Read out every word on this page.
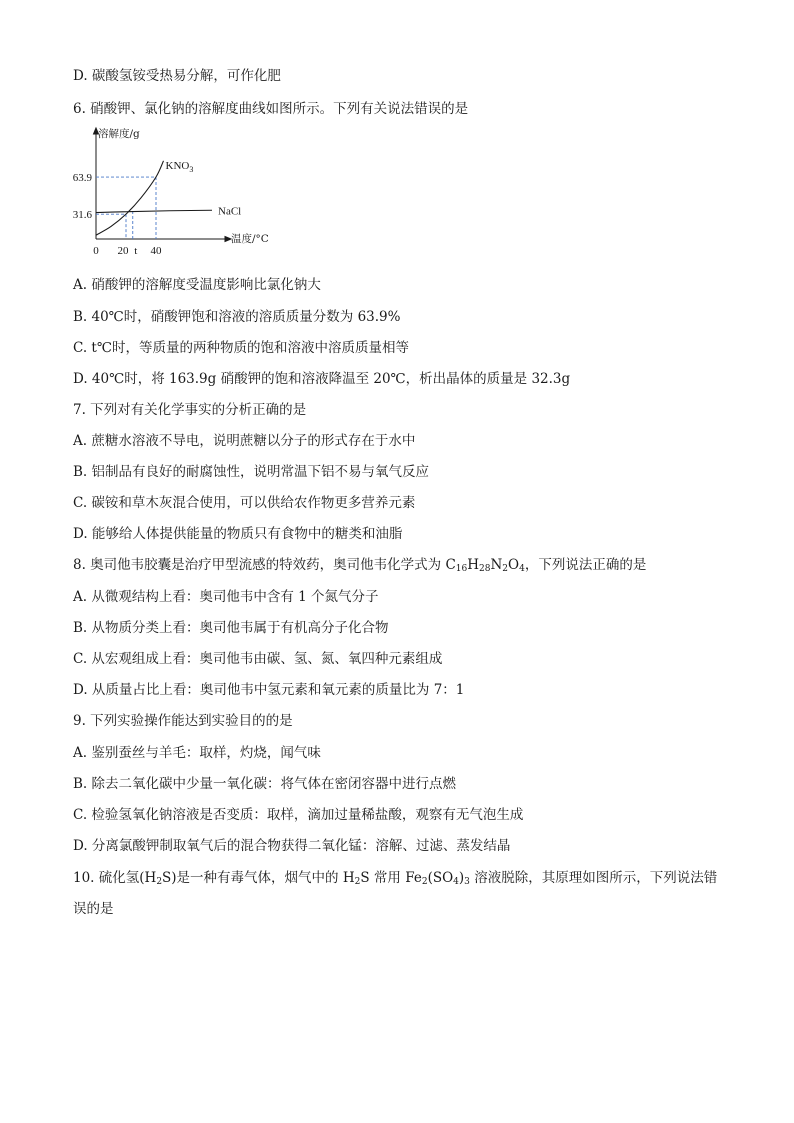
D. 碳酸氢铵受热易分解，可作化肥
6. 硝酸钾、氯化钠的溶解度曲线如图所示。下列有关说法错误的是
$KNO_3$
NaCl
31.6
63.9
0 20 t 40
溶解度/g
温度/°C
A. 硝酸钾的溶解度受温度影响比氯化钠大
B. 40℃时，硝酸钾饱和溶液的溶质质量分数为 63.9%
C. t℃时，等质量的两种物质的饱和溶液中溶质质量相等
D. 40℃时，将 163.9g 硝酸钾的饱和溶液降温至 20℃，析出晶体的质量是 32.3g
7. 下列对有关化学事实的分析正确的是
A. 蔗糖水溶液不导电，说明蔗糖以分子的形式存在于水中
B. 铝制品有良好的耐腐蚀性，说明常温下铝不易与氧气反应
C. 碳铵和草木灰混合使用，可以供给农作物更多营养元素
D. 能够给人体提供能量的物质只有食物中的糖类和油脂
8. 奥司他韦胶囊是治疗甲型流感的特效药，奥司他韦化学式为 $C_{16}H_{28}N_2O_4$，下列说法正确的是
A. 从微观结构上看：奥司他韦中含有 1 个氮气分子
B. 从物质分类上看：奥司他韦属于有机高分子化合物
C. 从宏观组成上看：奥司他韦由碳、氢、氮、氧四种元素组成
D. 从质量占比上看：奥司他韦中氢元素和氧元素的质量比为 7：1
9. 下列实验操作能达到实验目的的是
A. 鉴别蚕丝与羊毛：取样，灼烧，闻气味
B. 除去二氧化碳中少量一氧化碳：将气体在密闭容器中进行点燃
C. 检验氢氧化钠溶液是否变质：取样，滴加过量稀盐酸，观察有无气泡生成
D. 分离氯酸钾制取氧气后的混合物获得二氧化锰：溶解、过滤、蒸发结晶
10. 硫化氢$(H_2S)$是一种有毒气体，烟气中的 $H_2S$ 常用 $Fe_2(SO_4)_3$ 溶液脱除，其原理如图所示，下列说法错
误的是
